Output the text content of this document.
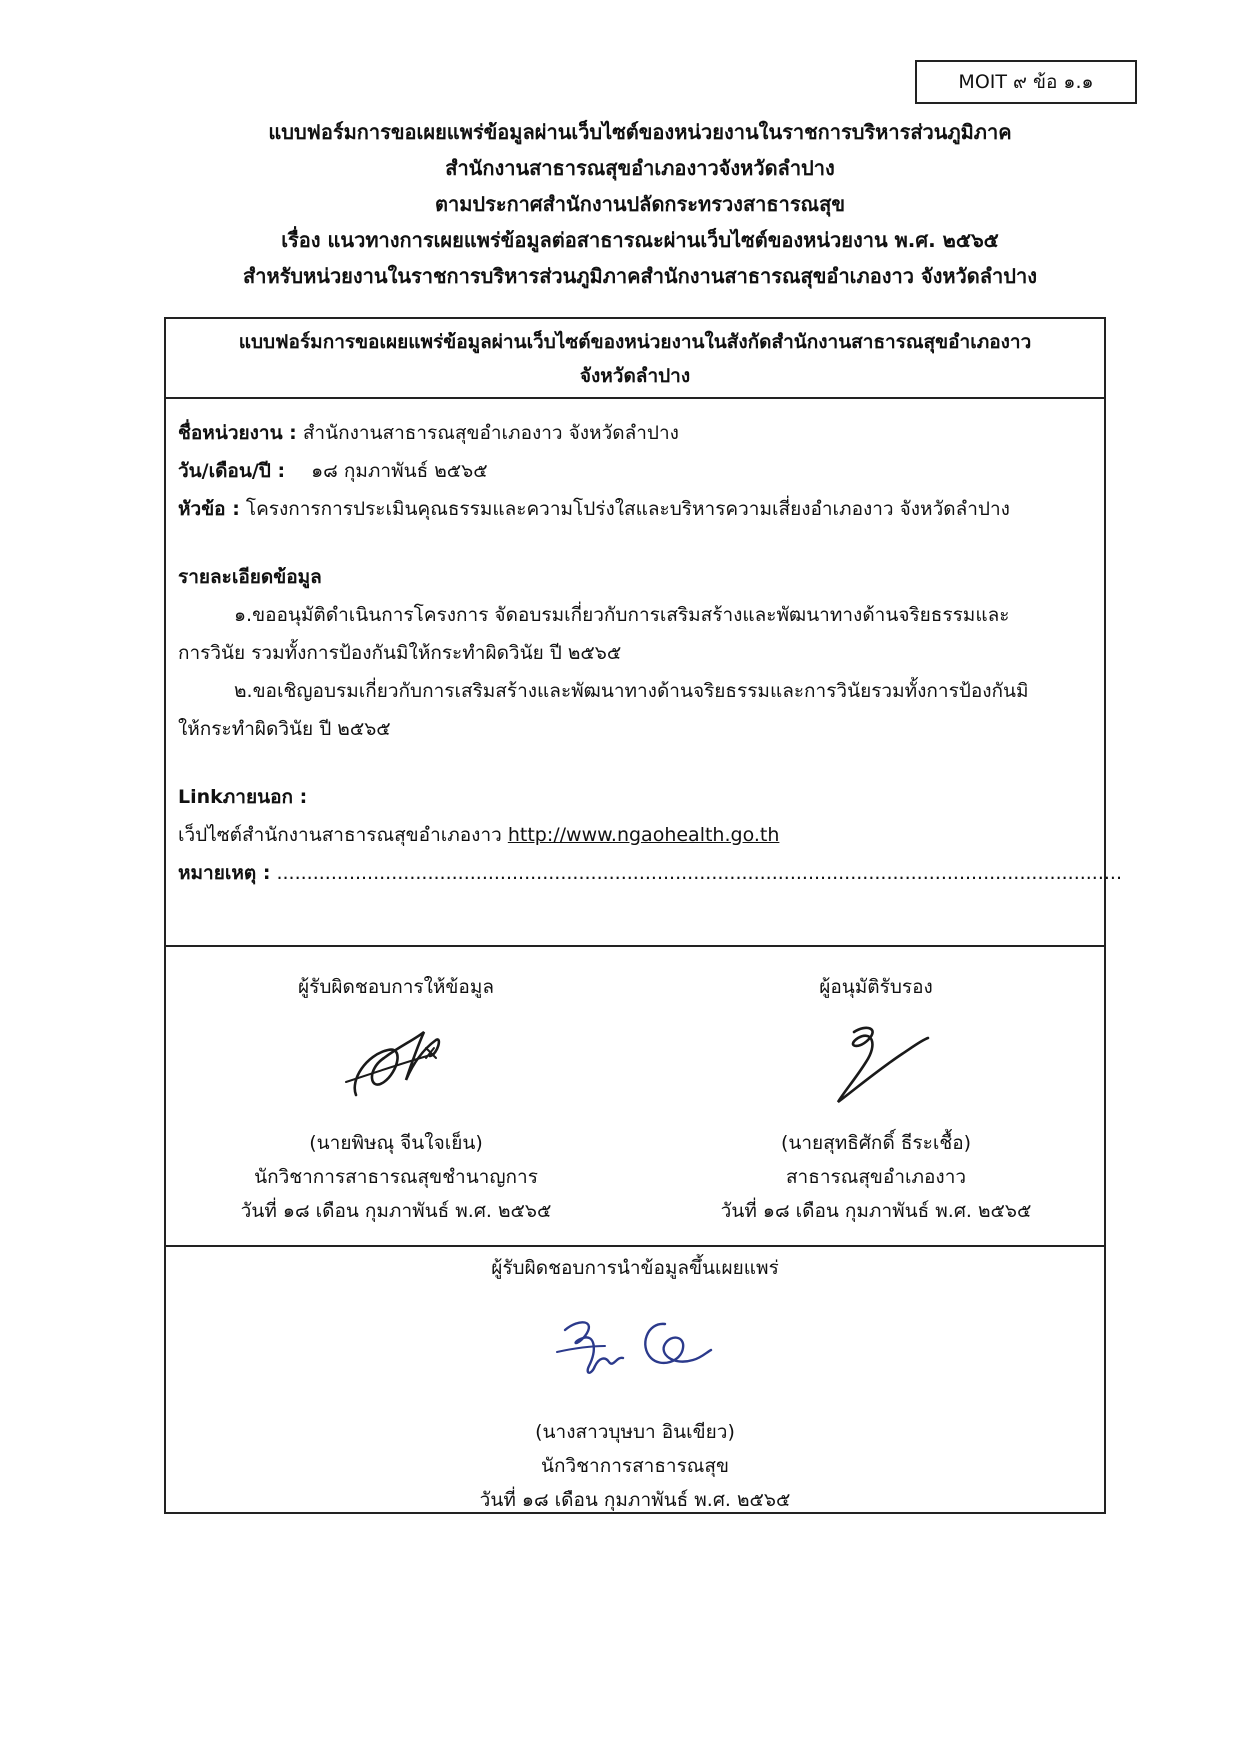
MOIT ๙ ข้อ ๑.๑
แบบฟอร์มการขอเผยแพร่ข้อมูลผ่านเว็บไซต์ของหน่วยงานในราชการบริหารส่วนภูมิภาค
สำนักงานสาธารณสุขอำเภองาวจังหวัดลำปาง
ตามประกาศสำนักงานปลัดกระทรวงสาธารณสุข
เรื่อง แนวทางการเผยแพร่ข้อมูลต่อสาธารณะผ่านเว็บไซต์ของหน่วยงาน พ.ศ. ๒๕๖๕
สำหรับหน่วยงานในราชการบริหารส่วนภูมิภาคสำนักงานสาธารณสุขอำเภองาว จังหวัดลำปาง
แบบฟอร์มการขอเผยแพร่ข้อมูลผ่านเว็บไซต์ของหน่วยงานในสังกัดสำนักงานสาธารณสุขอำเภองาว
จังหวัดลำปาง
ชื่อหน่วยงาน : สำนักงานสาธารณสุขอำเภองาว จังหวัดลำปาง
วัน/เดือน/ปี : ๑๘ กุมภาพันธ์ ๒๕๖๕
หัวข้อ : โครงการการประเมินคุณธรรมและความโปร่งใสและบริหารความเสี่ยงอำเภองาว จังหวัดลำปาง
รายละเอียดข้อมูล
๑.ขออนุมัติดำเนินการโครงการ จัดอบรมเกี่ยวกับการเสริมสร้างและพัฒนาทางด้านจริยธรรมและ
การวินัย รวมทั้งการป้องกันมิให้กระทำผิดวินัย ปี ๒๕๖๕
๒.ขอเชิญอบรมเกี่ยวกับการเสริมสร้างและพัฒนาทางด้านจริยธรรมและการวินัยรวมทั้งการป้องกันมิ
ให้กระทำผิดวินัย ปี ๒๕๖๕
Linkภายนอก :
เว็ปไซต์สำนักงานสาธารณสุขอำเภองาว http://www.ngaohealth.go.th
หมายเหตุ : ............................................................................................................................................
ผู้รับผิดชอบการให้ข้อมูล
(นายพิษณุ จีนใจเย็น)
นักวิชาการสาธารณสุขชำนาญการ
วันที่ ๑๘ เดือน กุมภาพันธ์ พ.ศ. ๒๕๖๕
ผู้อนุมัติรับรอง
(นายสุทธิศักดิ์ ธีระเชื้อ)
สาธารณสุขอำเภองาว
วันที่ ๑๘ เดือน กุมภาพันธ์ พ.ศ. ๒๕๖๕
ผู้รับผิดชอบการนำข้อมูลขึ้นเผยแพร่
(นางสาวบุษบา อินเขียว)
นักวิชาการสาธารณสุข
วันที่ ๑๘ เดือน กุมภาพันธ์ พ.ศ. ๒๕๖๕
